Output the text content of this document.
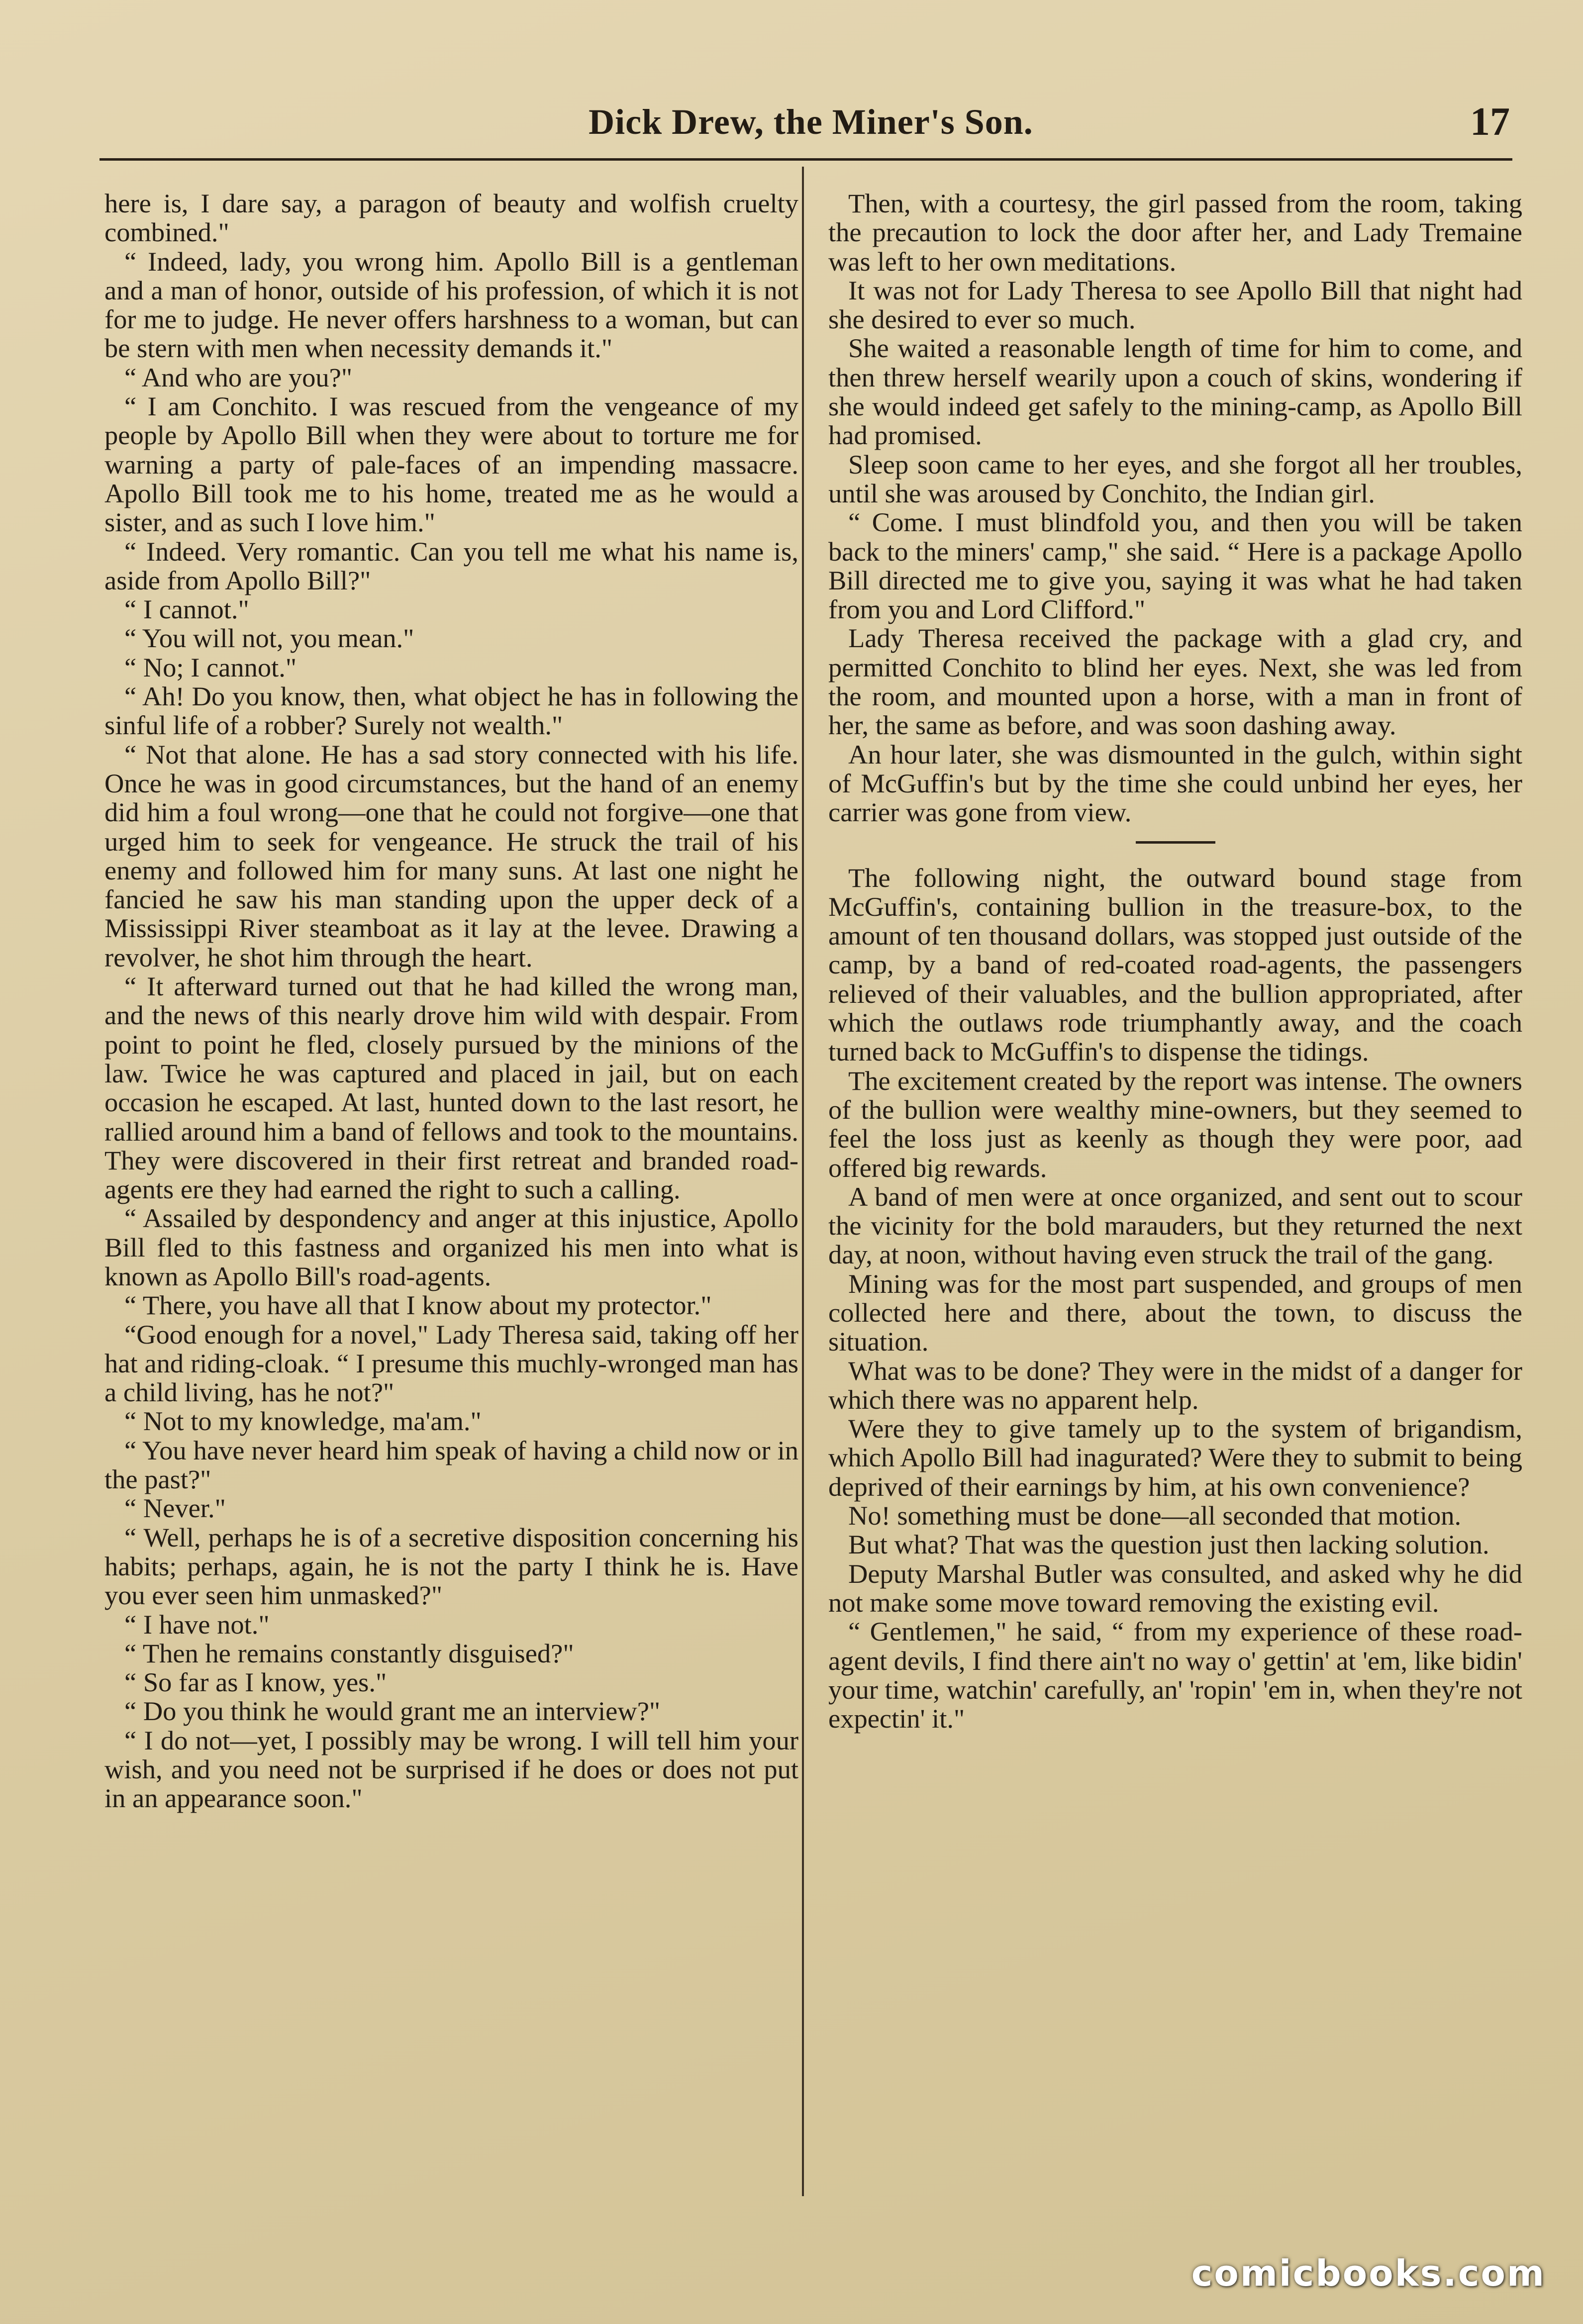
Dick Drew, the Miner's Son.	17

here is, I dare say, a paragon of beauty and wolfish cruelty combined."

“ Indeed, lady, you wrong him. Apollo Bill is a gentleman and a man of honor, outside of his profession, of which it is not for me to judge. He never offers harshness to a woman, but can be stern with men when necessity demands it."

“ And who are you?"

“ I am Conchito. I was rescued from the vengeance of my people by Apollo Bill when they were about to torture me for warning a party of pale-faces of an impending massacre. Apollo Bill took me to his home, treated me as he would a sister, and as such I love him."

“ Indeed. Very romantic. Can you tell me what his name is, aside from Apollo Bill?"

“ I cannot."

“ You will not, you mean."

“ No; I cannot."

“ Ah! Do you know, then, what object he has in following the sinful life of a robber? Surely not wealth."

“ Not that alone. He has a sad story connected with his life. Once he was in good circumstances, but the hand of an enemy did him a foul wrong—one that he could not forgive—one that urged him to seek for vengeance. He struck the trail of his enemy and followed him for many suns. At last one night he fancied he saw his man standing upon the upper deck of a Mississippi River steamboat as it lay at the levee. Drawing a revolver, he shot him through the heart.

“ It afterward turned out that he had killed the wrong man, and the news of this nearly drove him wild with despair. From point to point he fled, closely pursued by the minions of the law. Twice he was captured and placed in jail, but on each occasion he escaped. At last, hunted down to the last resort, he rallied around him a band of fellows and took to the mountains. They were discovered in their first retreat and branded road-agents ere they had earned the right to such a calling.

“ Assailed by despondency and anger at this injustice, Apollo Bill fled to this fastness and organized his men into what is known as Apollo Bill's road-agents.

“ There, you have all that I know about my protector."

“Good enough for a novel," Lady Theresa said, taking off her hat and riding-cloak. “ I presume this muchly-wronged man has a child living, has he not?"

“ Not to my knowledge, ma'am."

“ You have never heard him speak of having a child now or in the past?"

“ Never."

“ Well, perhaps he is of a secretive disposition concerning his habits; perhaps, again, he is not the party I think he is. Have you ever seen him unmasked?"

“ I have not."

“ Then he remains constantly disguised?"

“ So far as I know, yes."

“ Do you think he would grant me an interview?"

“ I do not—yet, I possibly may be wrong. I will tell him your wish, and you need not be surprised if he does or does not put in an appearance soon."

Then, with a courtesy, the girl passed from the room, taking the precaution to lock the door after her, and Lady Tremaine was left to her own meditations.

It was not for Lady Theresa to see Apollo Bill that night had she desired to ever so much.

She waited a reasonable length of time for him to come, and then threw herself wearily upon a couch of skins, wondering if she would indeed get safely to the mining-camp, as Apollo Bill had promised.

Sleep soon came to her eyes, and she forgot all her troubles, until she was aroused by Conchito, the Indian girl.

“ Come. I must blindfold you, and then you will be taken back to the miners' camp," she said. “ Here is a package Apollo Bill directed me to give you, saying it was what he had taken from you and Lord Clifford."

Lady Theresa received the package with a glad cry, and permitted Conchito to blind her eyes. Next, she was led from the room, and mounted upon a horse, with a man in front of her, the same as before, and was soon dashing away.

An hour later, she was dismounted in the gulch, within sight of McGuffin's but by the time she could unbind her eyes, her carrier was gone from view.

The following night, the outward bound stage from McGuffin's, containing bullion in the treasure-box, to the amount of ten thousand dollars, was stopped just outside of the camp, by a band of red-coated road-agents, the passengers relieved of their valuables, and the bullion appropriated, after which the outlaws rode triumphantly away, and the coach turned back to McGuffin's to dispense the tidings.

The excitement created by the report was intense. The owners of the bullion were wealthy mine-owners, but they seemed to feel the loss just as keenly as though they were poor, aad offered big rewards.

A band of men were at once organized, and sent out to scour the vicinity for the bold marauders, but they returned the next day, at noon, without having even struck the trail of the gang.

Mining was for the most part suspended, and groups of men collected here and there, about the town, to discuss the situation.

What was to be done? They were in the midst of a danger for which there was no apparent help.

Were they to give tamely up to the system of brigandism, which Apollo Bill had inagurated? Were they to submit to being deprived of their earnings by him, at his own convenience?

No! something must be done—all seconded that motion.

But what? That was the question just then lacking solution.

Deputy Marshal Butler was consulted, and asked why he did not make some move toward removing the existing evil.

“ Gentlemen," he said, “ from my experience of these road-agent devils, I find there ain't no way o' gettin' at 'em, like bidin' your time, watchin' carefully, an' 'ropin' 'em in, when they're not expectin' it."

comicbooks.com
